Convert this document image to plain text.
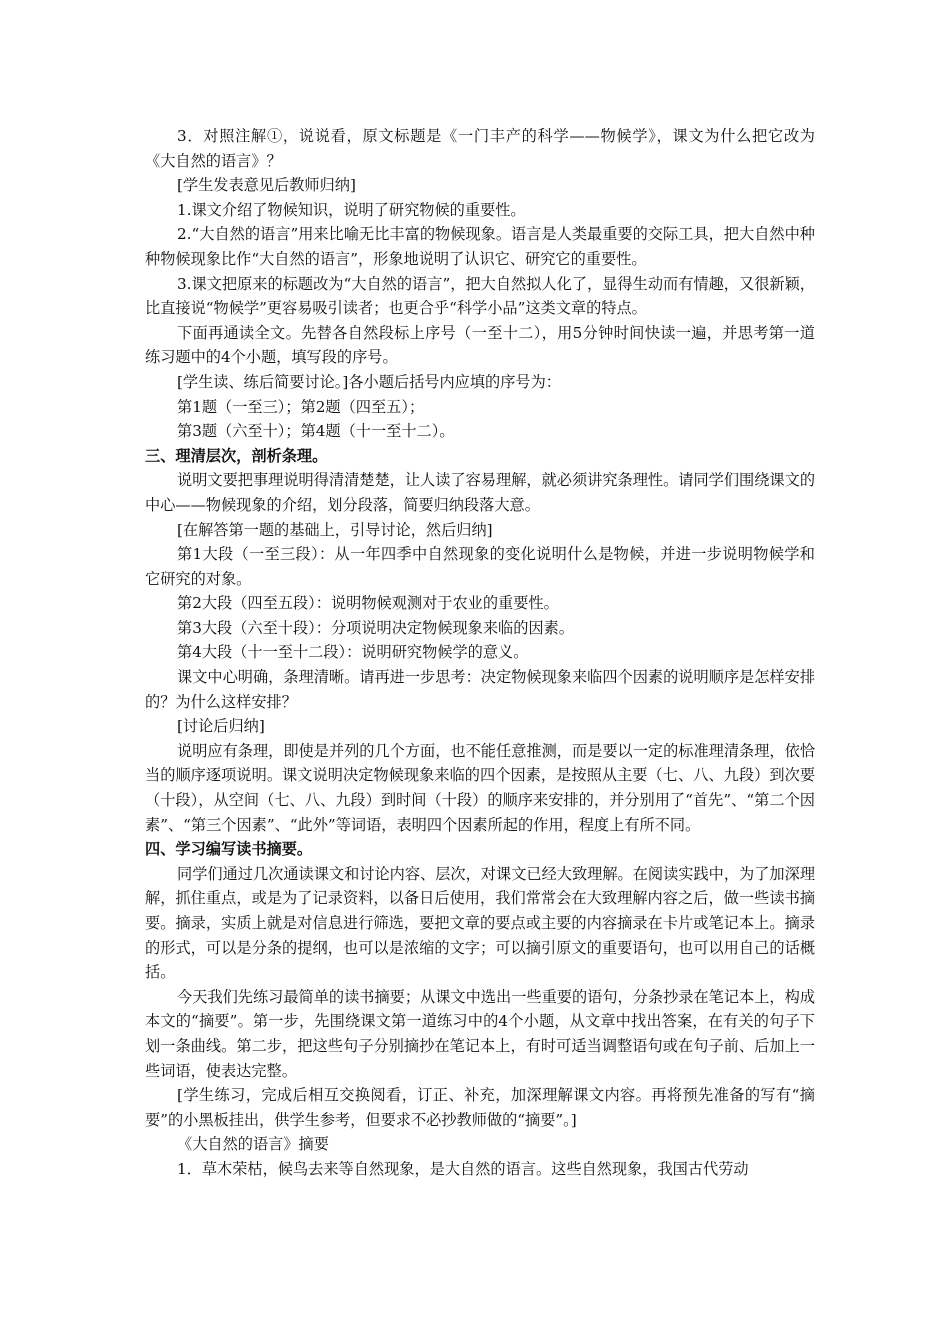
3．对照注解①，说说看，原文标题是《一门丰产的科学——物候学》，课文为什么把它改为《大自然的语言》？

[学生发表意见后教师归纳]

1.课文介绍了物候知识，说明了研究物候的重要性。

2.“大自然的语言”用来比喻无比丰富的物候现象。语言是人类最重要的交际工具，把大自然中种种物候现象比作“大自然的语言”，形象地说明了认识它、研究它的重要性。

3.课文把原来的标题改为“大自然的语言”，把大自然拟人化了，显得生动而有情趣，又很新颖，比直接说“物候学”更容易吸引读者；也更合乎“科学小品”这类文章的特点。

下面再通读全文。先替各自然段标上序号（一至十二），用5分钟时间快读一遍，并思考第一道练习题中的4个小题，填写段的序号。

[学生读、练后简要讨论。]各小题后括号内应填的序号为：

第1题（一至三）；第2题（四至五）；

第3题（六至十）；第4题（十一至十二）。

三、理清层次，剖析条理。

说明文要把事理说明得清清楚楚，让人读了容易理解，就必须讲究条理性。请同学们围绕课文的中心——物候现象的介绍，划分段落，简要归纳段落大意。

[在解答第一题的基础上，引导讨论，然后归纳]

第1大段（一至三段）：从一年四季中自然现象的变化说明什么是物候，并进一步说明物候学和它研究的对象。

第2大段（四至五段）：说明物候观测对于农业的重要性。

第3大段（六至十段）：分项说明决定物候现象来临的因素。

第4大段（十一至十二段）：说明研究物候学的意义。

课文中心明确，条理清晰。请再进一步思考：决定物候现象来临四个因素的说明顺序是怎样安排的？为什么这样安排？

[讨论后归纳]

说明应有条理，即使是并列的几个方面，也不能任意推测，而是要以一定的标准理清条理，依恰当的顺序逐项说明。课文说明决定物候现象来临的四个因素，是按照从主要（七、八、九段）到次要（十段），从空间（七、八、九段）到时间（十段）的顺序来安排的，并分别用了“首先”、“第二个因素”、“第三个因素”、“此外”等词语，表明四个因素所起的作用，程度上有所不同。

四、学习编写读书摘要。

同学们通过几次通读课文和讨论内容、层次，对课文已经大致理解。在阅读实践中，为了加深理解，抓住重点，或是为了记录资料，以备日后使用，我们常常会在大致理解内容之后，做一些读书摘要。摘录，实质上就是对信息进行筛选，要把文章的要点或主要的内容摘录在卡片或笔记本上。摘录的形式，可以是分条的提纲，也可以是浓缩的文字；可以摘引原文的重要语句，也可以用自己的话概括。

今天我们先练习最简单的读书摘要；从课文中选出一些重要的语句，分条抄录在笔记本上，构成本文的“摘要”。第一步，先围绕课文第一道练习中的4个小题，从文章中找出答案，在有关的句子下划一条曲线。第二步，把这些句子分别摘抄在笔记本上，有时可适当调整语句或在句子前、后加上一些词语，使表达完整。

[学生练习，完成后相互交换阅看，订正、补充，加深理解课文内容。再将预先准备的写有“摘要”的小黑板挂出，供学生参考，但要求不必抄教师做的“摘要”。]

《大自然的语言》摘要

1．草木荣枯，候鸟去来等自然现象，是大自然的语言。这些自然现象，我国古代劳动
